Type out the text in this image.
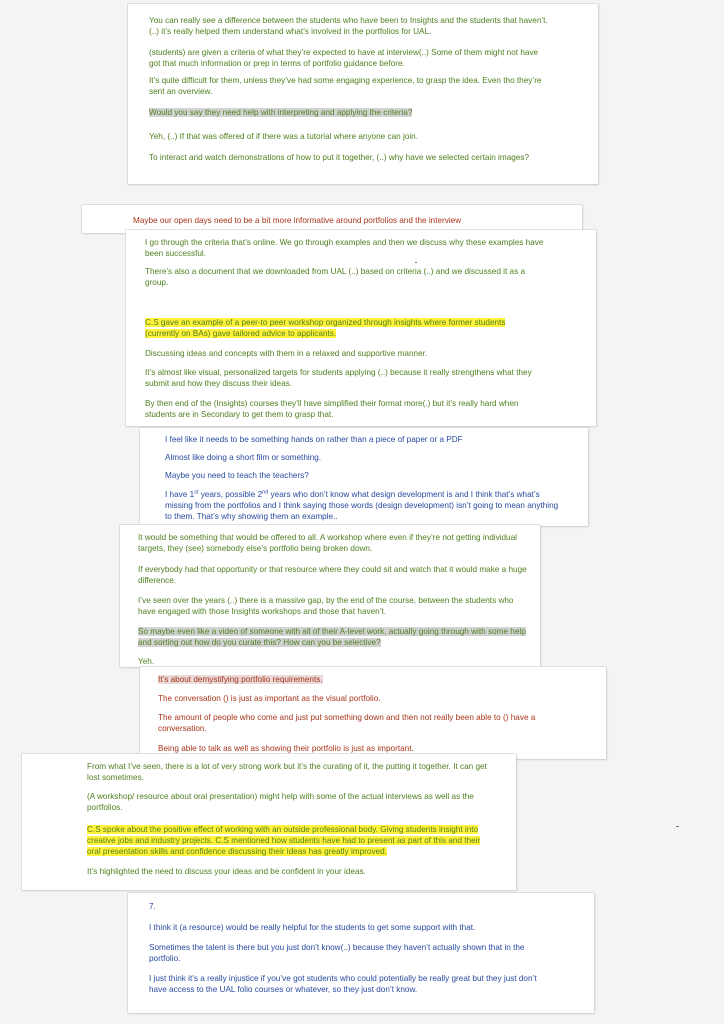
You can really see a difference between the students who have been to Insights and the students that haven’t. (..) it’s really helped them understand what’s involved in the portfolios for UAL.

(students) are given a criteria of what they’re expected to have at interview(..) Some of them might not have got that much information or prep in terms of portfolio guidance before.

It’s quite difficult for them, unless they’ve had some engaging experience, to grasp the idea. Even tho they’re sent an overview.

Would you say they need help with interpreting and applying the criteria?

Yeh, (..) If that was offered of if there was a tutorial where anyone can join.

To interact and watch demonstrations of how to put it together, (..) why have we selected certain images?

Maybe our open days need to be a bit more informative around portfolios and the interview

I go through the criteria that’s online. We go through examples and then we discuss why these examples have been successful.

There’s also a document that we downloaded from UAL (..) based on criteria (..) and we discussed it as a group.

C.S gave an example of a peer-to peer workshop organized through insights where former students (currently on BAs) gave tailored advice to applicants.

Discussing ideas and concepts with them in a relaxed and supportive manner.

It’s almost like visual, personalized targets for students applying (..) because it really strengthens what they submit and how they discuss their ideas.

By then end of the (Insights) courses they’ll have simplified their format more(.) but it’s really hard when students are in Secondary to get them to grasp that.

I feel like it needs to be something hands on rather than a piece of paper or a PDF

Almost like doing a short film or something.

Maybe you need to teach the teachers?

I have 1st years, possible 2nd years who don’t know what design development is and I think that’s what’s missing from the portfolios and I think saying those words (design development) isn’t going to mean anything to them. That’s why showing them an example..

It would be something that would be offered to all. A workshop where even if they’re not getting individual targets, they (see) somebody else’s portfolio being broken down.

If everybody had that opportunity or that resource where they could sit and watch that it would make a huge difference.

I’ve seen over the years (..) there is a massive gap, by the end of the course, between the students who have engaged with those Insights workshops and those that haven’t.

So maybe even like a video of someone with all of their A-level work, actually going through with some help and sorting out how do you curate this? How can you be selective?

Yeh.

It’s about demystifying portfolio requirements.

The conversation () is just as important as the visual portfolio.

The amount of people who come and just put something down and then not really been able to () have a conversation.

Being able to talk as well as showing their portfolio is just as important.

From what I’ve seen, there is a lot of very strong work but it’s the curating of it, the putting it together. It can get lost sometimes.

(A workshop/ resource about oral presentation) might help with some of the actual interviews as well as the portfolios.

C.S spoke about the positive effect of working with an outside professional body. Giving students insight into creative jobs and industry projects. C.S mentioned how students have had to present as part of this and their oral presentation skills and confidence discussing their ideas has greatly improved.

It’s highlighted the need to discuss your ideas and be confident in your ideas.

7.

I think it (a resource) would be really helpful for the students to get some support with that.

Sometimes the talent is there but you just don’t know(..) because they haven’t actually shown that in the portfolio.

I just think it’s a really injustice if you’ve got students who could potentially be really great but they just don’t have access to the UAL folio courses or whatever, so they just don’t know.
